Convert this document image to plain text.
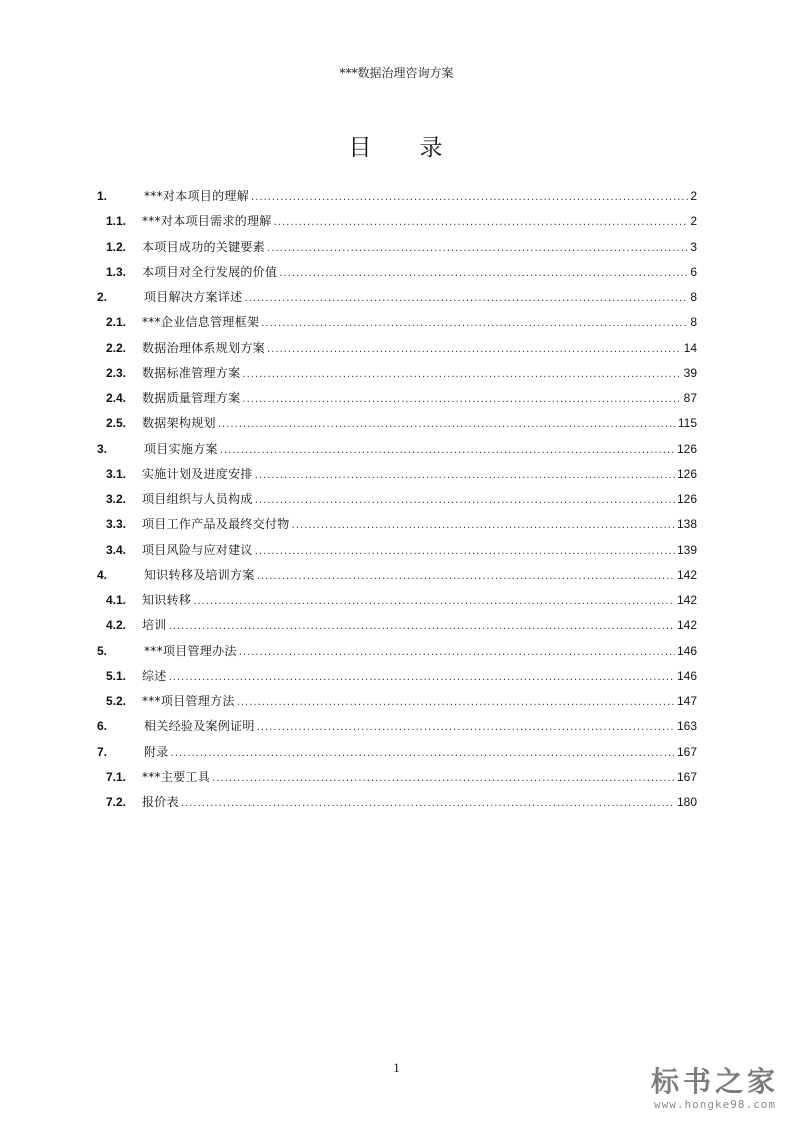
***数据治理咨询方案
目 录
1.	***对本项目的理解 .....	2
1.1.	***对本项目需求的理解 .....	2
1.2.	本项目成功的关键要素 .....	3
1.3.	本项目对全行发展的价值 .....	6
2.	项目解决方案详述 .....	8
2.1.	***企业信息管理框架 .....	8
2.2.	数据治理体系规划方案 .....	14
2.3.	数据标准管理方案 .....	39
2.4.	数据质量管理方案 .....	87
2.5.	数据架构规划 .....	115
3.	项目实施方案 .....	126
3.1.	实施计划及进度安排 .....	126
3.2.	项目组织与人员构成 .....	126
3.3.	项目工作产品及最终交付物 .....	138
3.4.	项目风险与应对建议 .....	139
4.	知识转移及培训方案 .....	142
4.1.	知识转移 .....	142
4.2.	培训 .....	142
5.	***项目管理办法 .....	146
5.1.	综述 .....	146
5.2.	***项目管理方法 .....	147
6.	相关经验及案例证明 .....	163
7.	附录 .....	167
7.1.	***主要工具 .....	167
7.2.	报价表 .....	180
1	标书之家
www.hongke98.com
